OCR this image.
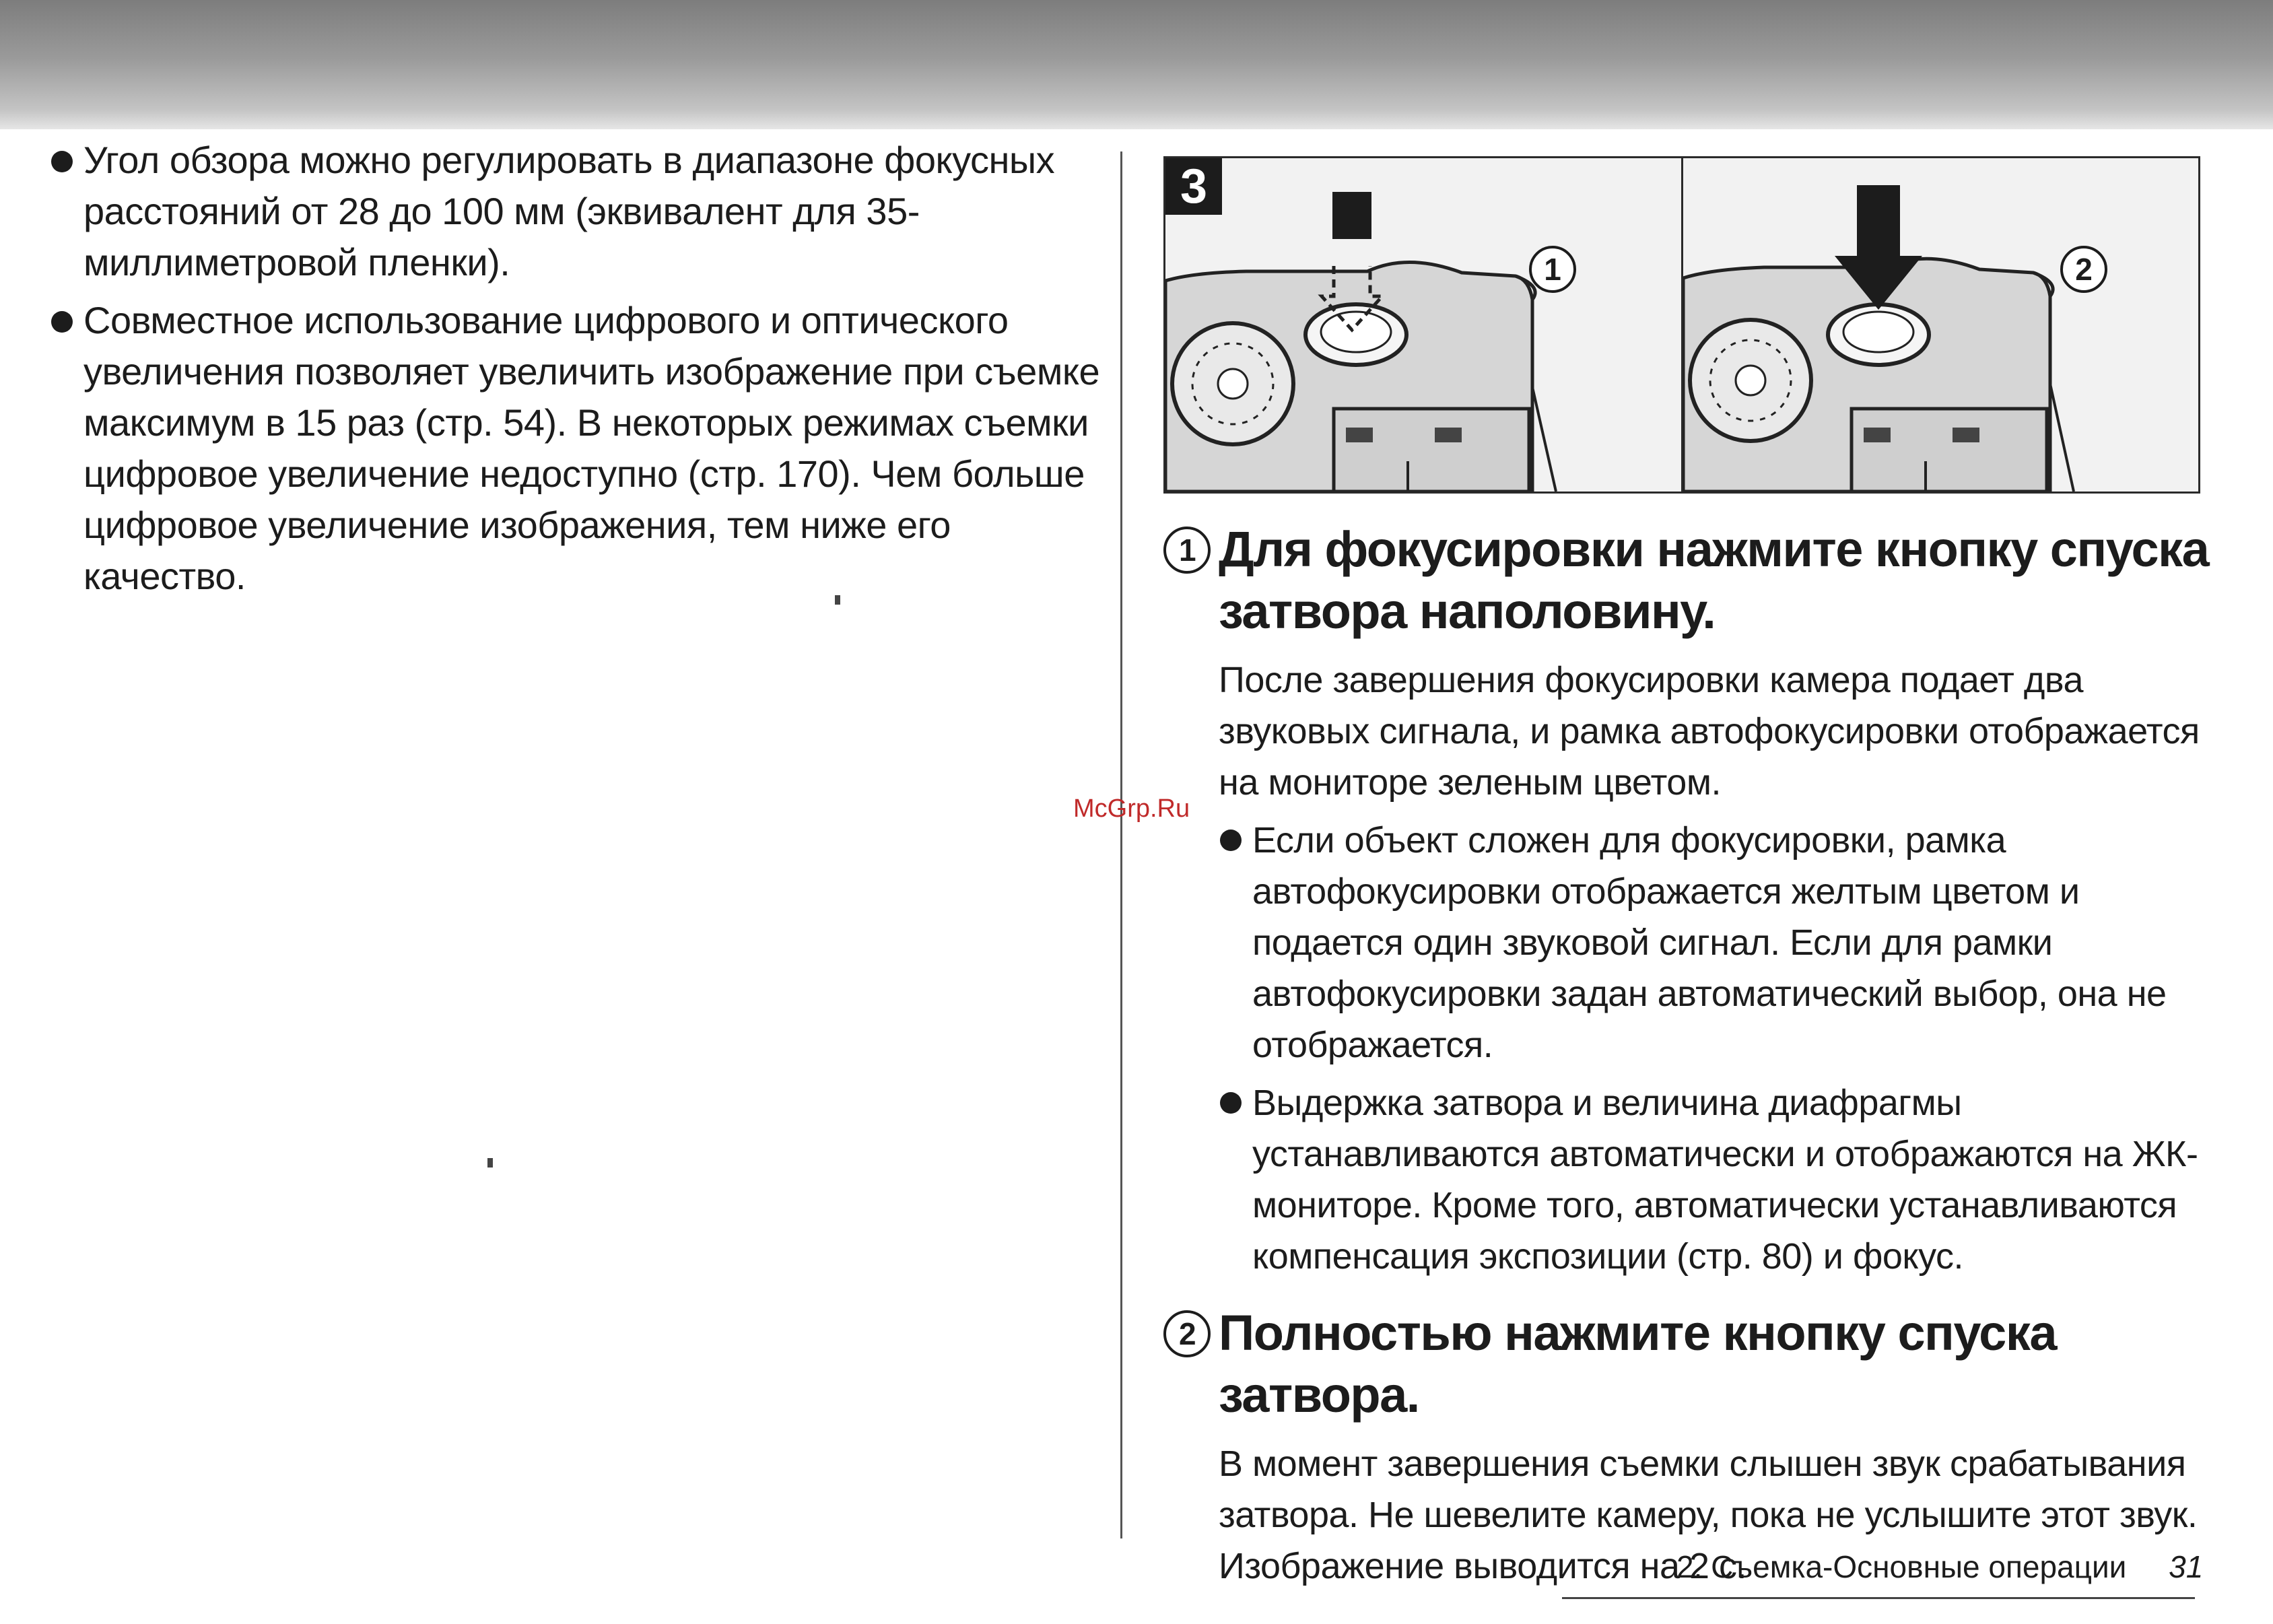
Угол обзора можно регулировать в диапазоне фокусных расстояний от 28 до 100 мм (эквивалент для 35-миллиметровой пленки).
Совместное использование цифрового и оптического увеличения позволяет увеличить изображение при съемке максимум в 15 раз (стр. 54). В некоторых режимах съемки цифровое увеличение недоступно (стр. 170). Чем больше цифровое увеличение изображения, тем ниже его качество.
3
1	2
1 Для фокусировки нажмите кнопку спуска затвора наполовину.
После завершения фокусировки камера подает два звуковых сигнала, и рамка автофокусировки отображается на мониторе зеленым цветом.
Если объект сложен для фокусировки, рамка автофокусировки отображается желтым цветом и подается один звуковой сигнал. Если для рамки автофокусировки задан автоматический выбор, она не отображается.
Выдержка затвора и величина диафрагмы устанавливаются автоматически и отображаются на ЖК-мониторе. Кроме того, автоматически устанавливаются компенсация экспозиции (стр. 80) и фокус.
2 Полностью нажмите кнопку спуска затвора.
В момент завершения съемки слышен звук срабатывания затвора. Не шевелите камеру, пока не услышите этот звук. Изображение выводится на 2 с.
McGrp.Ru
2. Съемка-Основные операции 31
